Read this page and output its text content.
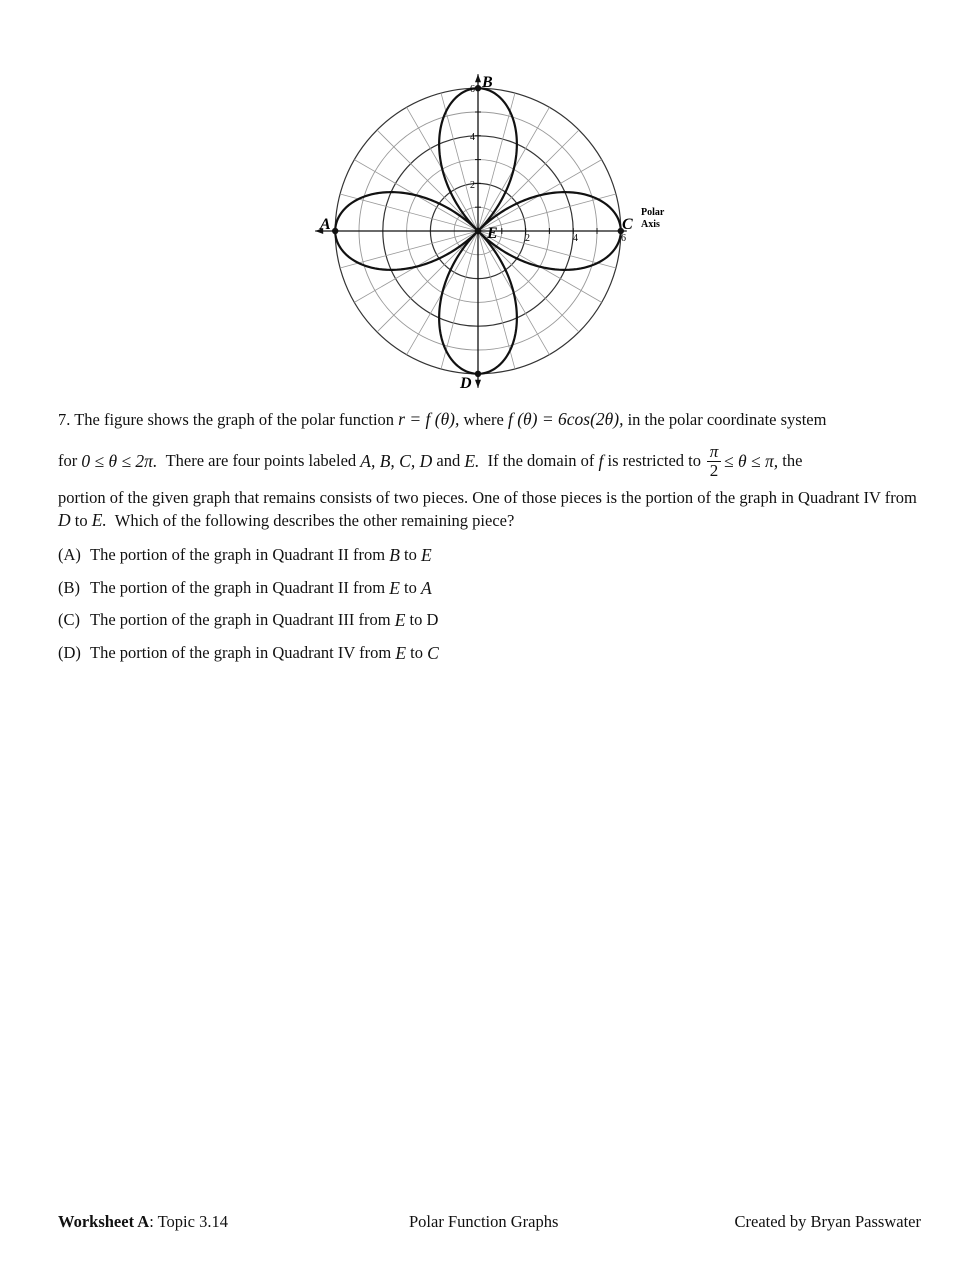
A
B
C
D
E	2	4	6
2
4
6
Polar
Axis

7. The figure shows the graph of the polar function r = f (θ), where f (θ) = 6cos(2θ), in the polar coordinate system

for
0 ≤ θ ≤ 2π.
There are four points labeled
A, B, C, D
and
E.
If the domain of
f
is restricted to $\frac{\pi}{2} \le \theta \le \pi$,
the

portion of the given graph that remains consists of two pieces. One of those pieces is the portion of the graph in Quadrant IV from D to E. Which of the following describes the other remaining piece?

(A) The portion of the graph in Quadrant II from
B
to
E
(B) The portion of the graph in Quadrant II from
E
to
A
(C) The portion of the graph in Quadrant III from
E
to
D
(D) The portion of the graph in Quadrant IV from
E
to
C
Worksheet A: Topic 3.14	Polar Function Graphs	Created by Bryan Passwater
